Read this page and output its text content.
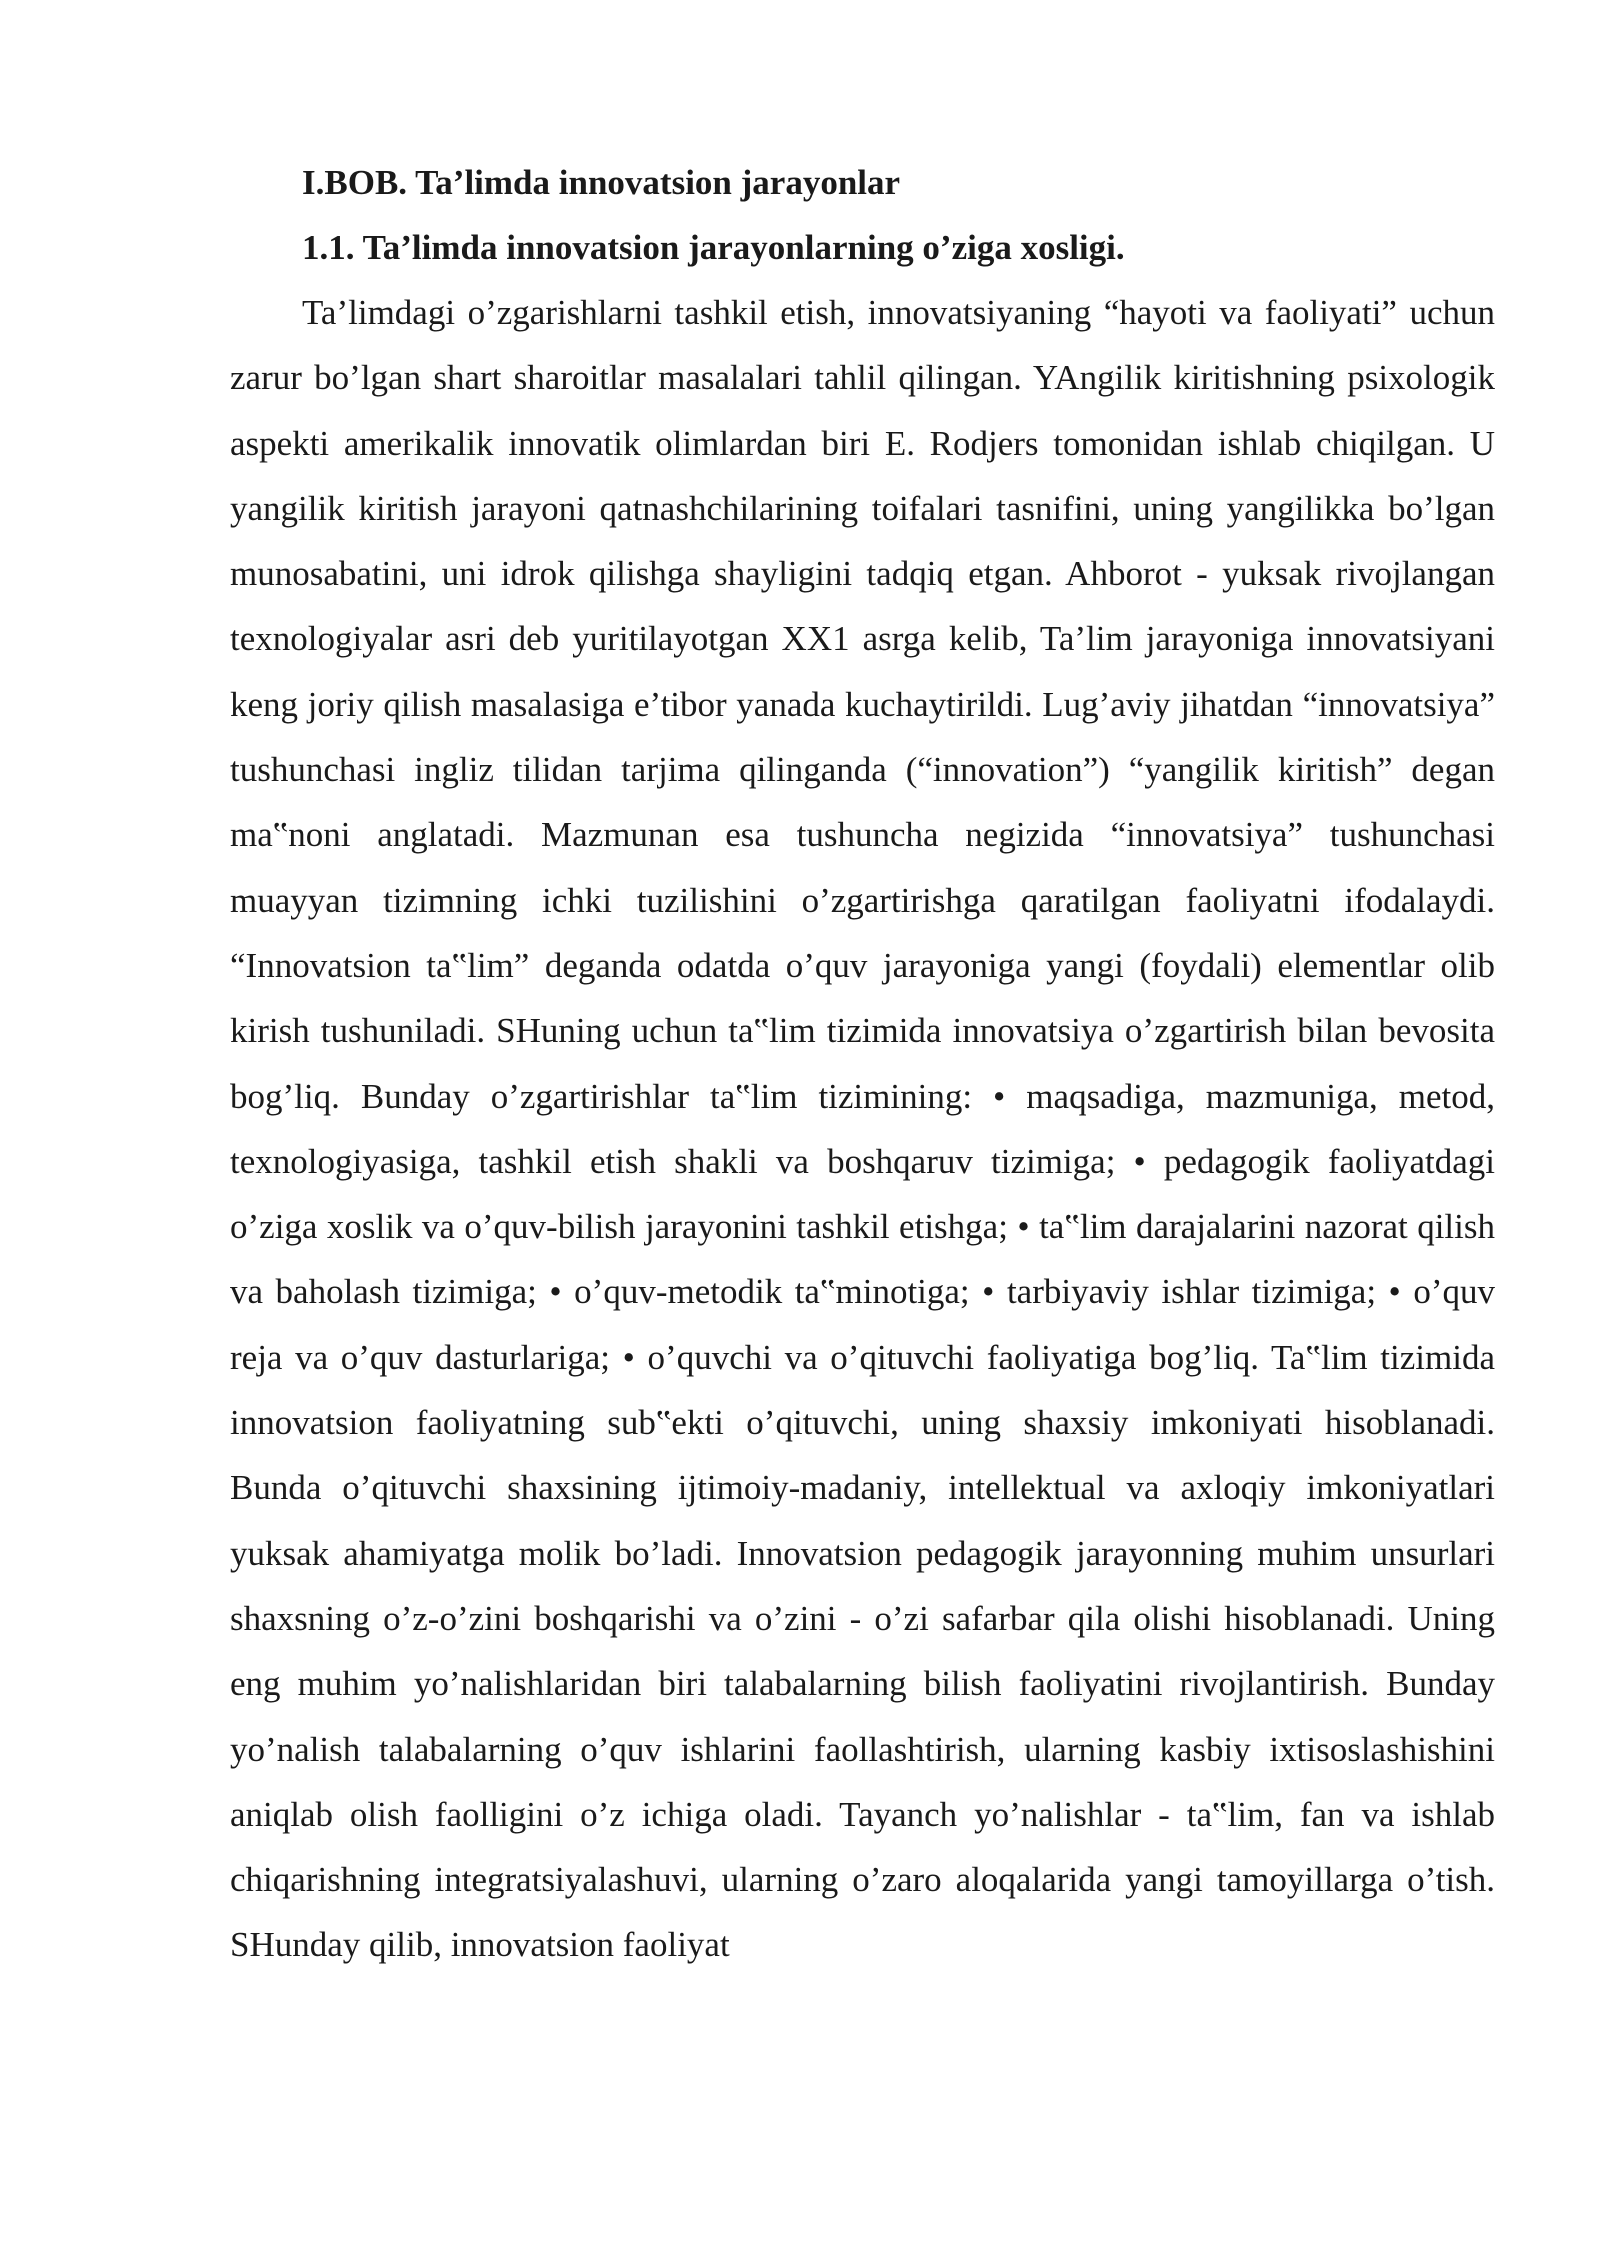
I.BOB. Ta’limda innovatsion jarayonlar

1.1. Ta’limda innovatsion jarayonlarning o’ziga xosligi.

Ta’limdagi o’zgarishlarni tashkil etish, innovatsiyaning “hayoti va faoliyati” uchun zarur bo’lgan shart sharoitlar masalalari tahlil qilingan. YAngilik kiritishning psixologik aspekti amerikalik innovatik olimlardan biri E. Rodjers tomonidan ishlab chiqilgan. U yangilik kiritish jarayoni qatnashchilarining toifalari tasnifini, uning yangilikka bo’lgan munosabatini, uni idrok qilishga shayligini tadqiq etgan. Ahborot - yuksak rivojlangan texnologiyalar asri deb yuritilayotgan XX1 asrga kelib, Ta’lim jarayoniga innovatsiyani keng joriy qilish masalasiga e’tibor yanada kuchaytirildi. Lug’aviy jihatdan “innovatsiya” tushunchasi ingliz tilidan tarjima qilinganda (“innovation”) “yangilik kiritish” degan ma‟noni anglatadi. Mazmunan esa tushuncha negizida “innovatsiya” tushunchasi muayyan tizimning ichki tuzilishini o’zgartirishga qaratilgan faoliyatni ifodalaydi. “Innovatsion ta‟lim” deganda odatda o’quv jarayoniga yangi (foydali) elementlar olib kirish tushuniladi. SHuning uchun ta‟lim tizimida innovatsiya o’zgartirish bilan bevosita bog’liq. Bunday o’zgartirishlar ta‟lim tizimining: • maqsadiga, mazmuniga, metod, texnologiyasiga, tashkil etish shakli va boshqaruv tizimiga; • pedagogik faoliyatdagi o’ziga xoslik va o’quv-bilish jarayonini tashkil etishga; • ta‟lim darajalarini nazorat qilish va baholash tizimiga; • o’quv-metodik ta‟minotiga; • tarbiyaviy ishlar tizimiga; • o’quv reja va o’quv dasturlariga; • o’quvchi va o’qituvchi faoliyatiga bog’liq. Ta‟lim tizimida innovatsion faoliyatning sub‟ekti o’qituvchi, uning shaxsiy imkoniyati hisoblanadi. Bunda o’qituvchi shaxsining ijtimoiy-madaniy, intellektual va axloqiy imkoniyatlari yuksak ahamiyatga molik bo’ladi. Innovatsion pedagogik jarayonning muhim unsurlari shaxsning o’z-o’zini boshqarishi va o’zini - o’zi safarbar qila olishi hisoblanadi. Uning eng muhim yo’nalishlaridan biri talabalarning bilish faoliyatini rivojlantirish. Bunday yo’nalish talabalarning o’quv ishlarini faollashtirish, ularning kasbiy ixtisoslashishini aniqlab olish faolligini o’z ichiga oladi. Tayanch yo’nalishlar - ta‟lim, fan va ishlab chiqarishning integratsiyalashuvi, ularning o’zaro aloqalarida yangi tamoyillarga o’tish. SHunday qilib, innovatsion faoliyat
